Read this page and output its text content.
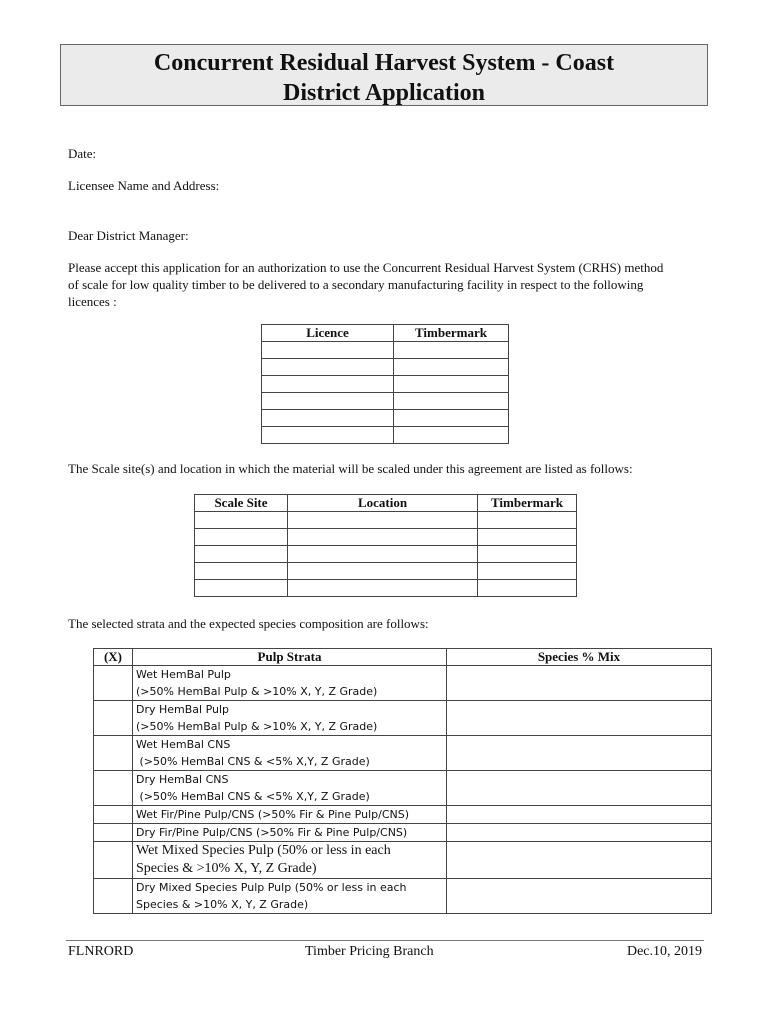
Concurrent Residual Harvest System - Coast
District Application
Date:
Licensee Name and Address:
Dear District Manager:
Please accept this application for an authorization to use the Concurrent Residual Harvest System (CRHS) method
of scale for low quality timber to be delivered to a secondary manufacturing facility in respect to the following
licences :
Licence	Timbermark

The Scale site(s) and location in which the material will be scaled under this agreement are listed as follows:
Scale Site	Location	Timbermark

The selected strata and the expected species composition are follows:
(X)	Pulp Strata	Species % Mix

	Wet HemBal Pulp
(>50% HemBal Pulp & >10% X, Y, Z Grade)	

	Dry HemBal Pulp
(>50% HemBal Pulp & >10% X, Y, Z Grade)	

	Wet HemBal CNS
(>50% HemBal CNS & <5% X,Y, Z Grade)	

	Dry HemBal CNS
(>50% HemBal CNS & <5% X,Y, Z Grade)	

	Wet Fir/Pine Pulp/CNS (>50% Fir & Pine Pulp/CNS)	

	Dry Fir/Pine Pulp/CNS (>50% Fir & Pine Pulp/CNS)	

	Wet Mixed Species Pulp (50% or less in each
Species & >10% X, Y, Z Grade)	

	Dry Mixed Species Pulp Pulp (50% or less in each
Species & >10% X, Y, Z Grade)	

FLNRORD	Timber Pricing Branch	Dec.10, 2019
